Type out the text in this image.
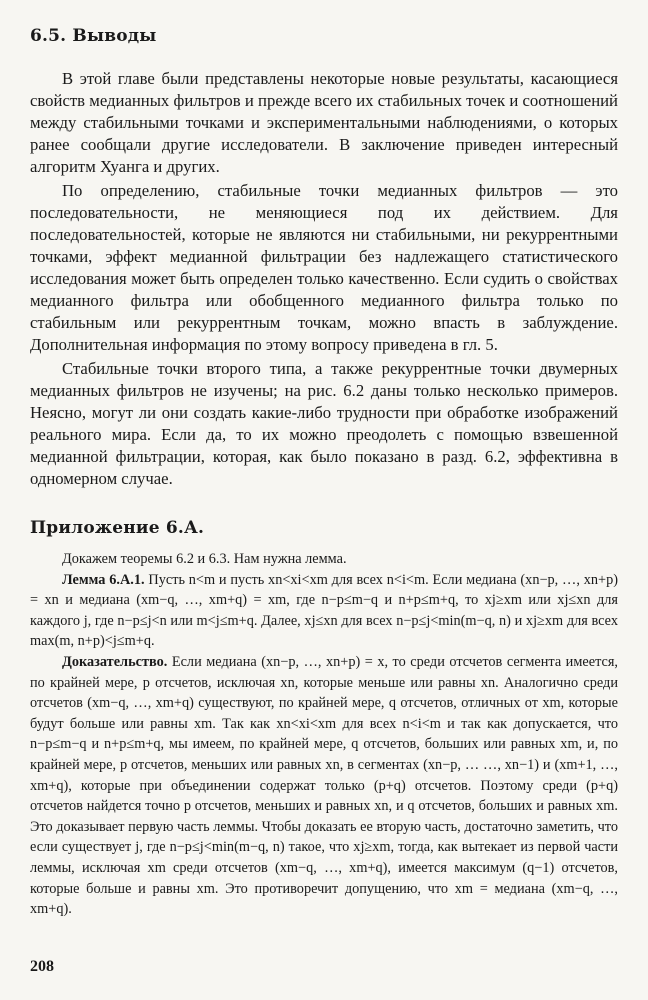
6.5. Выводы

В этой главе были представлены некоторые новые результаты, касающиеся свойств медианных фильтров и прежде всего их стабильных точек и соотношений между стабильными точками и экспериментальными наблюдениями, о которых ранее сообщали другие исследователи. В заключение приведен интересный алгоритм Хуанга и других.

По определению, стабильные точки медианных фильтров — это последовательности, не меняющиеся под их действием. Для последовательностей, которые не являются ни стабильными, ни рекуррентными точками, эффект медианной фильтрации без надлежащего статистического исследования может быть определен только качественно. Если судить о свойствах медианного фильтра или обобщенного медианного фильтра только по стабильным или рекуррентным точкам, можно впасть в заблуждение. Дополнительная информация по этому вопросу приведена в гл. 5.

Стабильные точки второго типа, а также рекуррентные точки двумерных медианных фильтров не изучены; на рис. 6.2 даны только несколько примеров. Неясно, могут ли они создать какие-либо трудности при обработке изображений реального мира. Если да, то их можно преодолеть с помощью взвешенной медианной фильтрации, которая, как было показано в разд. 6.2, эффективна в одномерном случае.

Приложение 6.А.

Докажем теоремы 6.2 и 6.3. Нам нужна лемма.

Лемма 6.А.1. Пусть n<m и пусть xn<xi<xm для всех n<i<m. Если медиана (xn−p, …, xn+p) = xn и медиана (xm−q, …, xm+q) = xm, где n−p≤m−q и n+p≤m+q, то xj≥xm или xj≤xn для каждого j, где n−p≤j<n или m<j≤m+q. Далее, xj≤xn для всех n−p≤j<min(m−q, n) и xj≥xm для всех max(m, n+p)<j≤m+q.

Доказательство. Если медиана (xn−p, …, xn+p) = x, то среди отсчетов сегмента имеется, по крайней мере, p отсчетов, исключая xn, которые меньше или равны xn. Аналогично среди отсчетов (xm−q, …, xm+q) существуют, по крайней мере, q отсчетов, отличных от xm, которые будут больше или равны xm. Так как xn<xi<xm для всех n<i<m и так как допускается, что n−p≤m−q и n+p≤m+q, мы имеем, по крайней мере, q отсчетов, больших или равных xm, и, по крайней мере, p отсчетов, меньших или равных xn, в сегментах (xn−p, … …, xn−1) и (xm+1, …, xm+q), которые при объединении содержат только (p+q) отсчетов. Поэтому среди (p+q) отсчетов найдется точно p отсчетов, меньших и равных xn, и q отсчетов, больших и равных xm. Это доказывает первую часть леммы. Чтобы доказать ее вторую часть, достаточно заметить, что если существует j, где n−p≤j<min(m−q, n) такое, что xj≥xm, тогда, как вытекает из первой части леммы, исключая xm среди отсчетов (xm−q, …, xm+q), имеется максимум (q−1) отсчетов, которые больше и равны xm. Это противоречит допущению, что xm = медиана (xm−q, …, xm+q).

208
